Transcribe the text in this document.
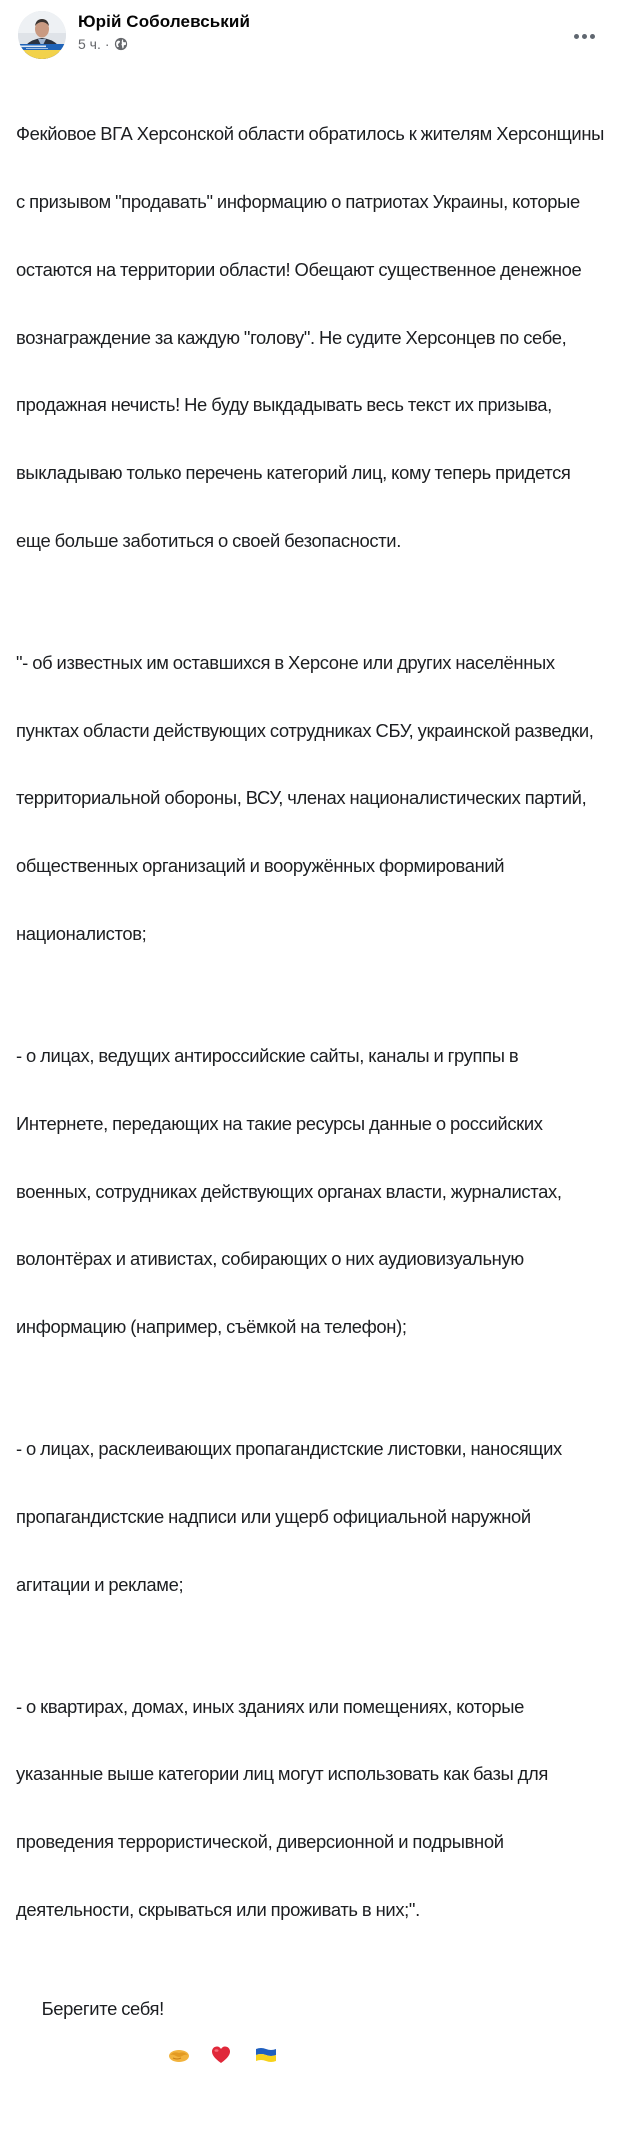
Юрій Соболевський
5 ч. ·

Фекйовое ВГА Херсонской области обратилось к жителям Херсонщины

с призывом "продавать" информацию о патриотах Украины, которые

остаются на территории области! Обещают существенное денежное

вознаграждение за каждую "голову". Не судите Херсонцев по себе,

продажная нечисть! Не буду выкдадывать весь текст их призыва,

выкладываю только перечень категорий лиц, кому теперь придется

еще больше заботиться о своей безопасности.

"- об известных им оставшихся в Херсоне или других населённых

пунктах области действующих сотрудниках СБУ, украинской разведки,

территориальной обороны, ВСУ, членах националистических партий,

общественных организаций и вооружённых формирований

националистов;

- о лицах, ведущих антироссийские сайты, каналы и группы в

Интернете, передающих на такие ресурсы данные о российских

военных, сотрудниках действующих органах власти, журналистах,

волонтёрах и ативистах, собирающих о них аудиовизуальную

информацию (например, съёмкой на телефон);

- о лицах, расклеивающих пропагандистские листовки, наносящих

пропагандистские надписи или ущерб официальной наружной

агитации и рекламе;

- о квартирах, домах, иных зданиях или помещениях, которые

указанные выше категории лиц могут использовать как базы для

проведения террористической, диверсионной и подрывной

деятельности, скрываться или проживать в них;".

Берегите себя!
